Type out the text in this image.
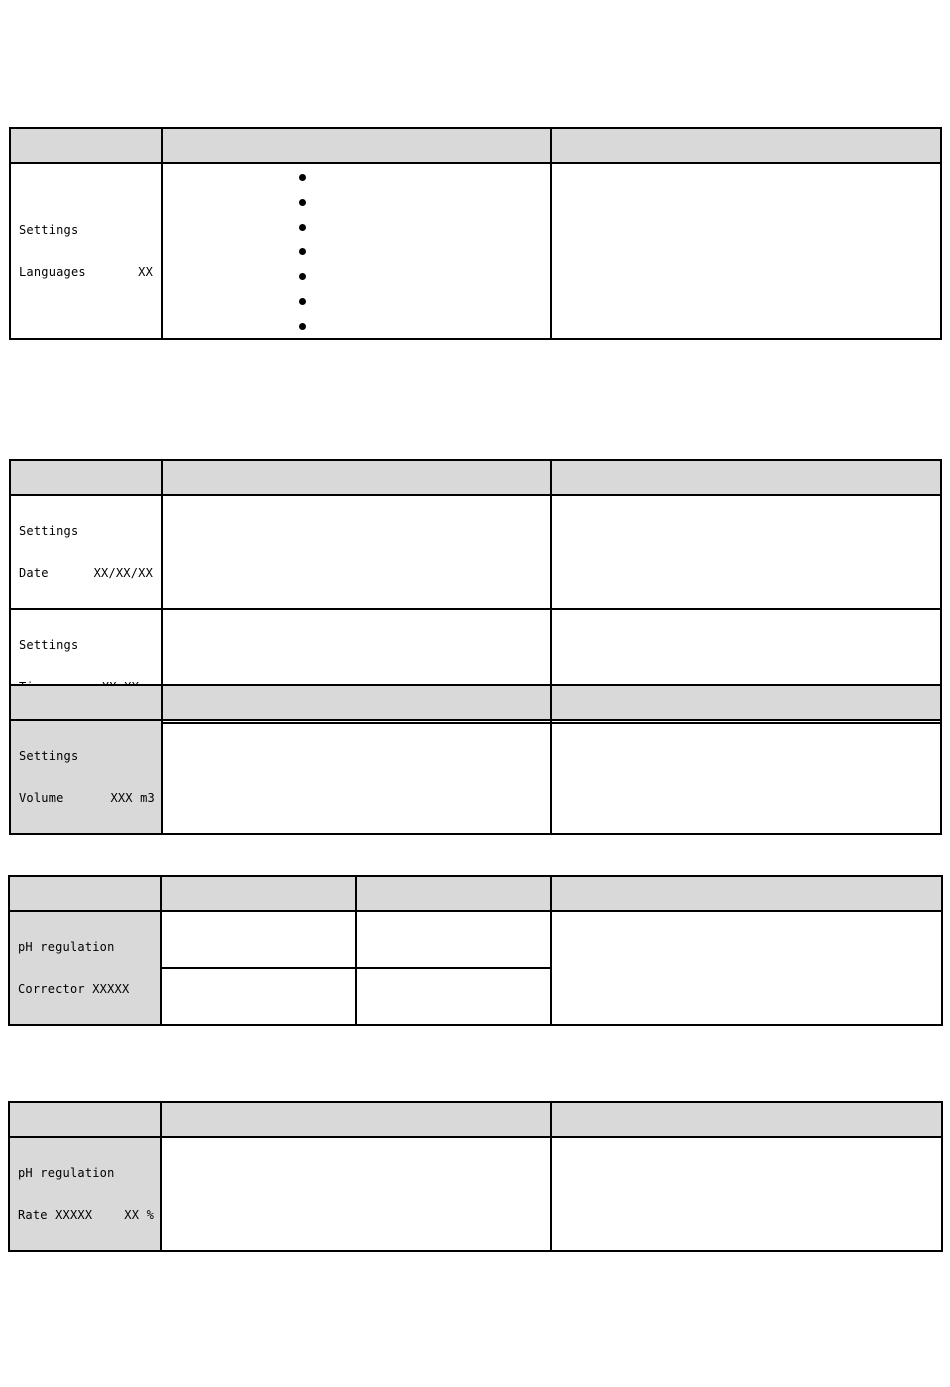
Settings

Languages XX		

Settings

Date XX/XX/XX		

Settings		

Settings

Volume XXX m3		

pH regulation

Corrector XXXXX			

pH regulation

Rate XXXXX XX %		
